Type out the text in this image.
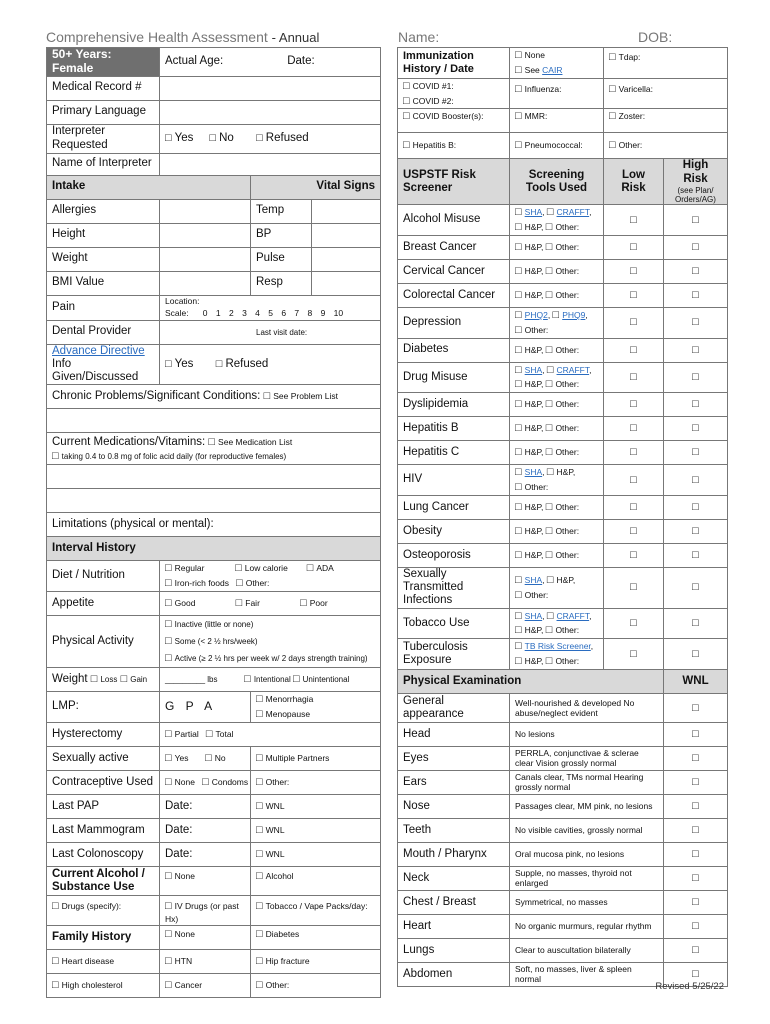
Comprehensive Health Assessment - Annual	Name:	DOB:
50+ Years: Female	Actual Age: Date:		

Medical Record #			
Primary Language			
Interpreter Requested	□ Yes □ No □ Refused
Name of Interpreter			
Intake		Vital Signs	
Allergies		Temp	
Height		BP	
Weight		Pulse	
BMI Value		Resp	
Pain	Location:
Scale: 0 1 2 3 4 5 6 7 8 9 10		

Dental Provider	Last visit date:		

Advance Directive
Info Given/Discussed	□ Yes □ Refused
Chronic Problems/Significant Conditions: □ See Problem List

Current Medications/Vitamins: □ See Medication List
□ taking 0.4 to 0.8 mg of folic acid daily (for reproductive females)

Limitations (physical or mental):			
Interval History			
Diet / Nutrition	□ Regular □ Low calorie □ ADA
□ Iron-rich foods □ Other:

Appetite	□ Good □ Fair □ Poor
Physical Activity	□ Inactive (little or none)
□ Some (< 2 ½ hrs/week)
□ Active (≥ 2 ½ hrs per week w/ 2 days strength training)

Weight □ Loss □ Gain	_________ lbs □ Intentional □ Unintentional
LMP:	G P A	□ Menorrhagia
□ Menopause

Hysterectomy	□ Partial □ Total
Sexually active	□ Yes □ No	□ Multiple Partners
Contraceptive Used	□ None □ Condoms	□ Other:
Last PAP	Date:	□ WNL
Last Mammogram	Date:	□ WNL
Last Colonoscopy	Date:	□ WNL
Current Alcohol / Substance Use	□ None	□ Alcohol
□ Drugs (specify):	□ IV Drugs (or past Hx)	□ Tobacco / Vape Packs/day:
Family History	□ None	□ Diabetes
□ Heart disease	□ HTN	□ Hip fracture
□ High cholesterol	□ Cancer	□ Other:
Immunization History / Date	□ None
□ See CAIR	□ Tdap:

□ COVID #1:
□ COVID #2:	□ Influenza:	□ Varicella:
□ COVID Booster(s):	□ MMR:	□ Zoster:
□ Hepatitis B:	□ Pneumococcal:	□ Other:
USPSTF Risk Screener	Screening Tools Used	Low Risk	High Risk
(see Plan/ Orders/AG)

Alcohol Misuse	
□ SHA, □ CRAFFT,
□ H&P, □ Other:	□	□
Breast Cancer	□ H&P, □ Other:	□	□
Cervical Cancer	□ H&P, □ Other:	□	□
Colorectal Cancer	□ H&P, □ Other:	□	□
Depression	
□ PHQ2, □ PHQ9,
□ Other:	□	□
Diabetes	□ H&P, □ Other:	□	□
Drug Misuse	
□ SHA, □ CRAFFT,
□ H&P, □ Other:	□	□
Dyslipidemia	□ H&P, □ Other:	□	□
Hepatitis B	□ H&P, □ Other:	□	□
Hepatitis C	□ H&P, □ Other:	□	□
HIV	
□ SHA, □ H&P,
□ Other:	□	□
Lung Cancer	□ H&P, □ Other:	□	□
Obesity	□ H&P, □ Other:	□	□
Osteoporosis	□ H&P, □ Other:	□	□
Sexually Transmitted Infections	
□ SHA, □ H&P,
□ Other:	□	□
Tobacco Use	
□ SHA, □ CRAFFT,
□ H&P, □ Other:	□	□
Tuberculosis Exposure	
□ TB Risk Screener,
□ H&P, □ Other:	□	□
Physical Examination			WNL
General appearance	Well-nourished & developed No abuse/neglect evident		□
Head	No lesions		□
Eyes	PERRLA, conjunctivae & sclerae clear Vision grossly normal		□
Ears	Canals clear, TMs normal Hearing grossly normal		□
Nose	Passages clear, MM pink, no lesions		□
Teeth	No visible cavities, grossly normal		□
Mouth / Pharynx	Oral mucosa pink, no lesions		□
Neck	Supple, no masses, thyroid not enlarged		□
Chest / Breast	Symmetrical, no masses		□
Heart	No organic murmurs, regular rhythm		□
Lungs	Clear to auscultation bilaterally		□
Abdomen	Soft, no masses, liver & spleen normal		□
Revised 5/25/22
